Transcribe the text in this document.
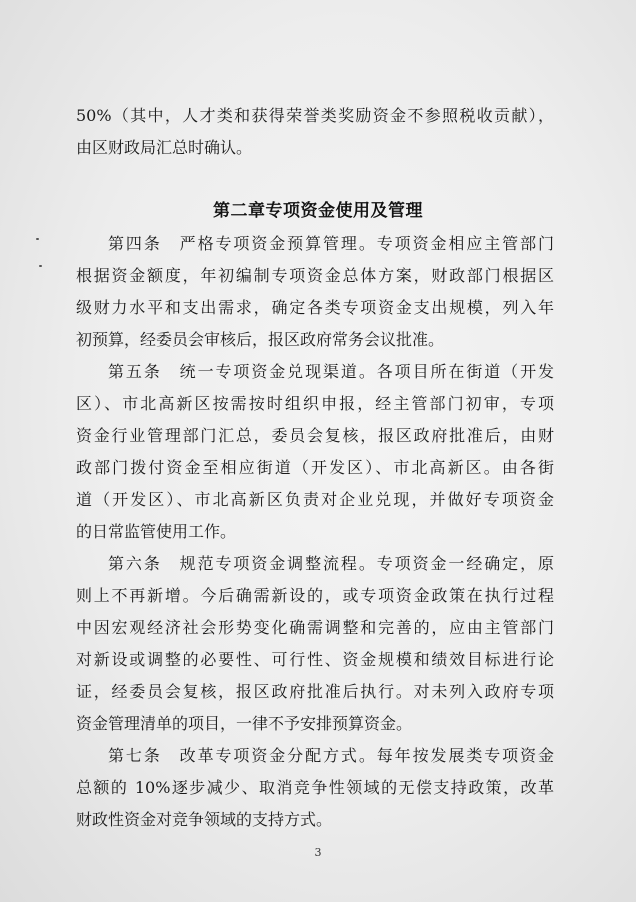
50%（其中，人才类和获得荣誉类奖励资金不参照税收贡献），
由区财政局汇总时确认。
第二章专项资金使用及管理
第四条　严格专项资金预算管理。专项资金相应主管部门
根据资金额度，年初编制专项资金总体方案，财政部门根据区
级财力水平和支出需求，确定各类专项资金支出规模，列入年
初预算，经委员会审核后，报区政府常务会议批准。
第五条　统一专项资金兑现渠道。各项目所在街道（开发
区）、市北高新区按需按时组织申报，经主管部门初审，专项
资金行业管理部门汇总，委员会复核，报区政府批准后，由财
政部门拨付资金至相应街道（开发区）、市北高新区。由各街
道（开发区）、市北高新区负责对企业兑现，并做好专项资金
的日常监管使用工作。
第六条　规范专项资金调整流程。专项资金一经确定，原
则上不再新增。今后确需新设的，或专项资金政策在执行过程
中因宏观经济社会形势变化确需调整和完善的，应由主管部门
对新设或调整的必要性、可行性、资金规模和绩效目标进行论
证，经委员会复核，报区政府批准后执行。对未列入政府专项
资金管理清单的项目，一律不予安排预算资金。
第七条　改革专项资金分配方式。每年按发展类专项资金
总额的 10%逐步减少、取消竞争性领域的无偿支持政策，改革
财政性资金对竞争领域的支持方式。
3
